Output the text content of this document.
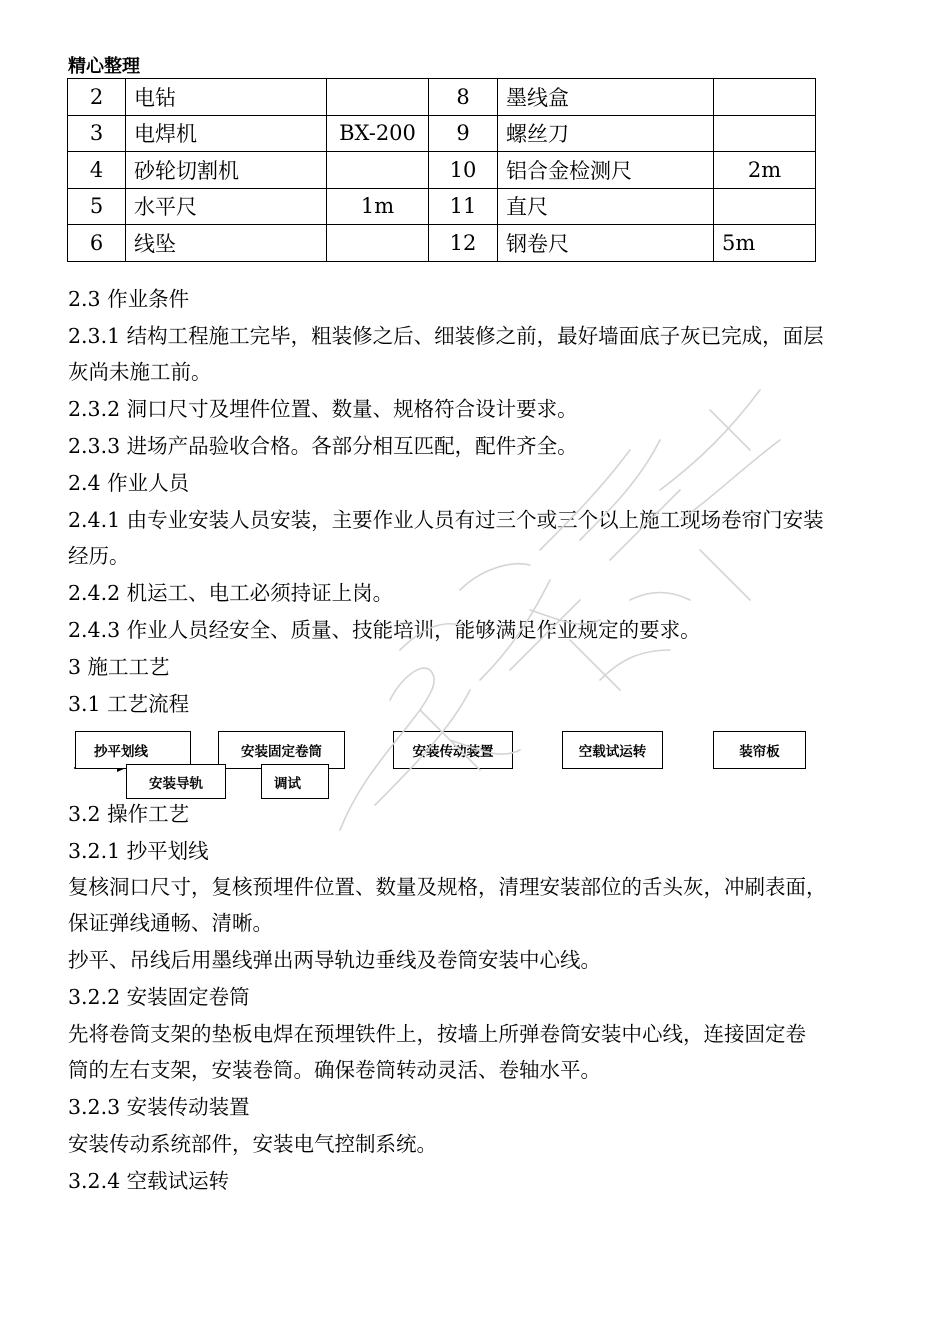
精心整理
2	电钻		8	墨线盒	
3	电焊机	BX-200	9	螺丝刀	
4	砂轮切割机		10	铝合金检测尺	2m
5	水平尺	1m	11	直尺	
6	线坠		12	钢卷尺	5m
2.3 作业条件
2.3.1 结构工程施工完毕，粗装修之后、细装修之前，最好墙面底子灰已完成，面层
灰尚未施工前。
2.3.2 洞口尺寸及埋件位置、数量、规格符合设计要求。
2.3.3 进场产品验收合格。各部分相互匹配，配件齐全。
2.4 作业人员
2.4.1 由专业安装人员安装，主要作业人员有过三个或三个以上施工现场卷帘门安装
经历。
2.4.2 机运工、电工必须持证上岗。
2.4.3 作业人员经安全、质量、技能培训，能够满足作业规定的要求。
3 施工工艺
3.1 工艺流程
抄平划线	安装固定卷筒	安装传动装置	空载试运转	装帘板
安装导轨	调试
3.2 操作工艺
3.2.1 抄平划线
复核洞口尺寸，复核预埋件位置、数量及规格，清理安装部位的舌头灰，冲刷表面，
保证弹线通畅、清晰。
抄平、吊线后用墨线弹出两导轨边垂线及卷筒安装中心线。
3.2.2 安装固定卷筒
先将卷筒支架的垫板电焊在预埋铁件上，按墙上所弹卷筒安装中心线，连接固定卷
筒的左右支架，安装卷筒。确保卷筒转动灵活、卷轴水平。
3.2.3 安装传动装置
安装传动系统部件，安装电气控制系统。
3.2.4 空载试运转
